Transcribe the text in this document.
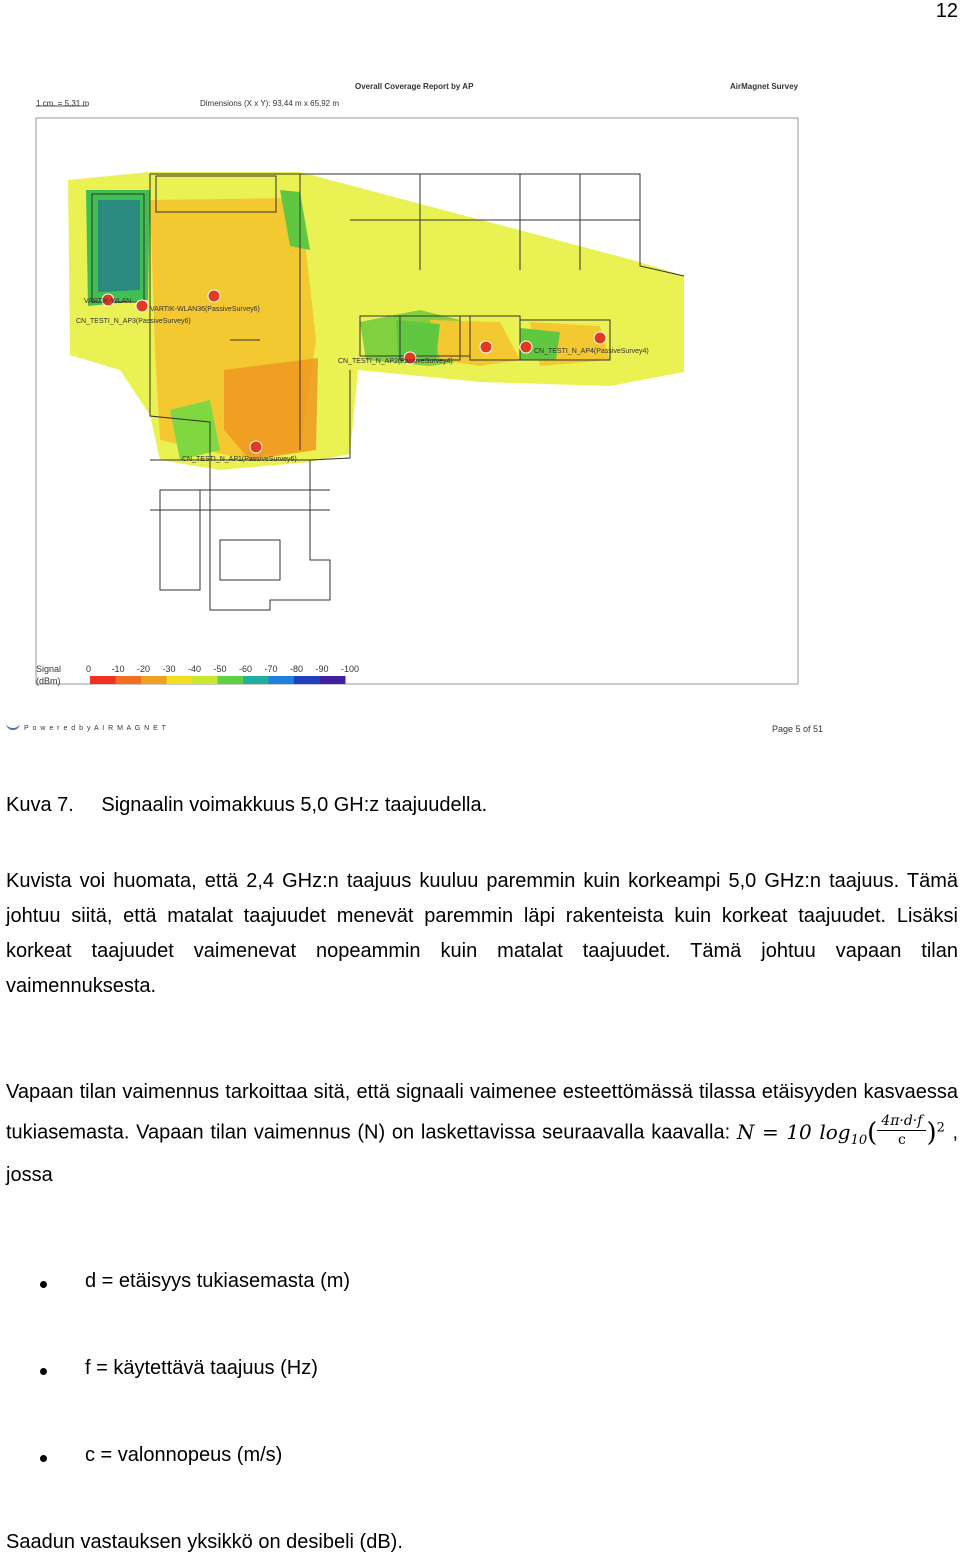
12
Overall Coverage Report by AP	AirMagnet Survey
1 cm. = 5,31 m	Dimensions (X x Y): 93,44 m x 65,92 m
VARTIK-WLAN
VARTIK-WLAN36(PassiveSurvey6)
CN_TESTI_N_AP3(PassiveSurvey6)
CN_TESTI_N_AP2(PassiveSurvey4)
CN_TESTI_N_AP4(PassiveSurvey4)
CN_TESTI_N_AP1(PassiveSurvey6)
Signal
(dBm)
0 -10 -20 -30 -40 -50 -60 -70 -80 -90 -100
P o w e r e d b y A I R M A G N E T	Page 5 of 51
Kuva 7. Signaalin voimakkuus 5,0 GH:z taajuudella.
Kuvista voi huomata, että 2,4 GHz:n taajuus kuuluu paremmin kuin korkeampi 5,0 GHz:n taajuus. Tämä johtuu siitä, että matalat taajuudet menevät paremmin läpi rakenteista kuin korkeat taajuudet. Lisäksi korkeat taajuudet vaimenevat nopeammin kuin matalat taajuudet. Tämä johtuu vapaan tilan vaimennuksesta.
Vapaan tilan vaimennus tarkoittaa sitä, että signaali vaimenee esteettömässä tilassa etäisyyden kasvaessa tukiasemasta. Vapaan tilan vaimennus (N) on laskettavissa seuraavalla kaavalla: N = 10 $\log_{10}( \frac{4\pi\cdot d\cdot f}{c} )^2$ , jossa
d = etäisyys tukiasemasta (m)
f = käytettävä taajuus (Hz)
c = valonnopeus (m/s)
Saadun vastauksen yksikkö on desibeli (dB).
